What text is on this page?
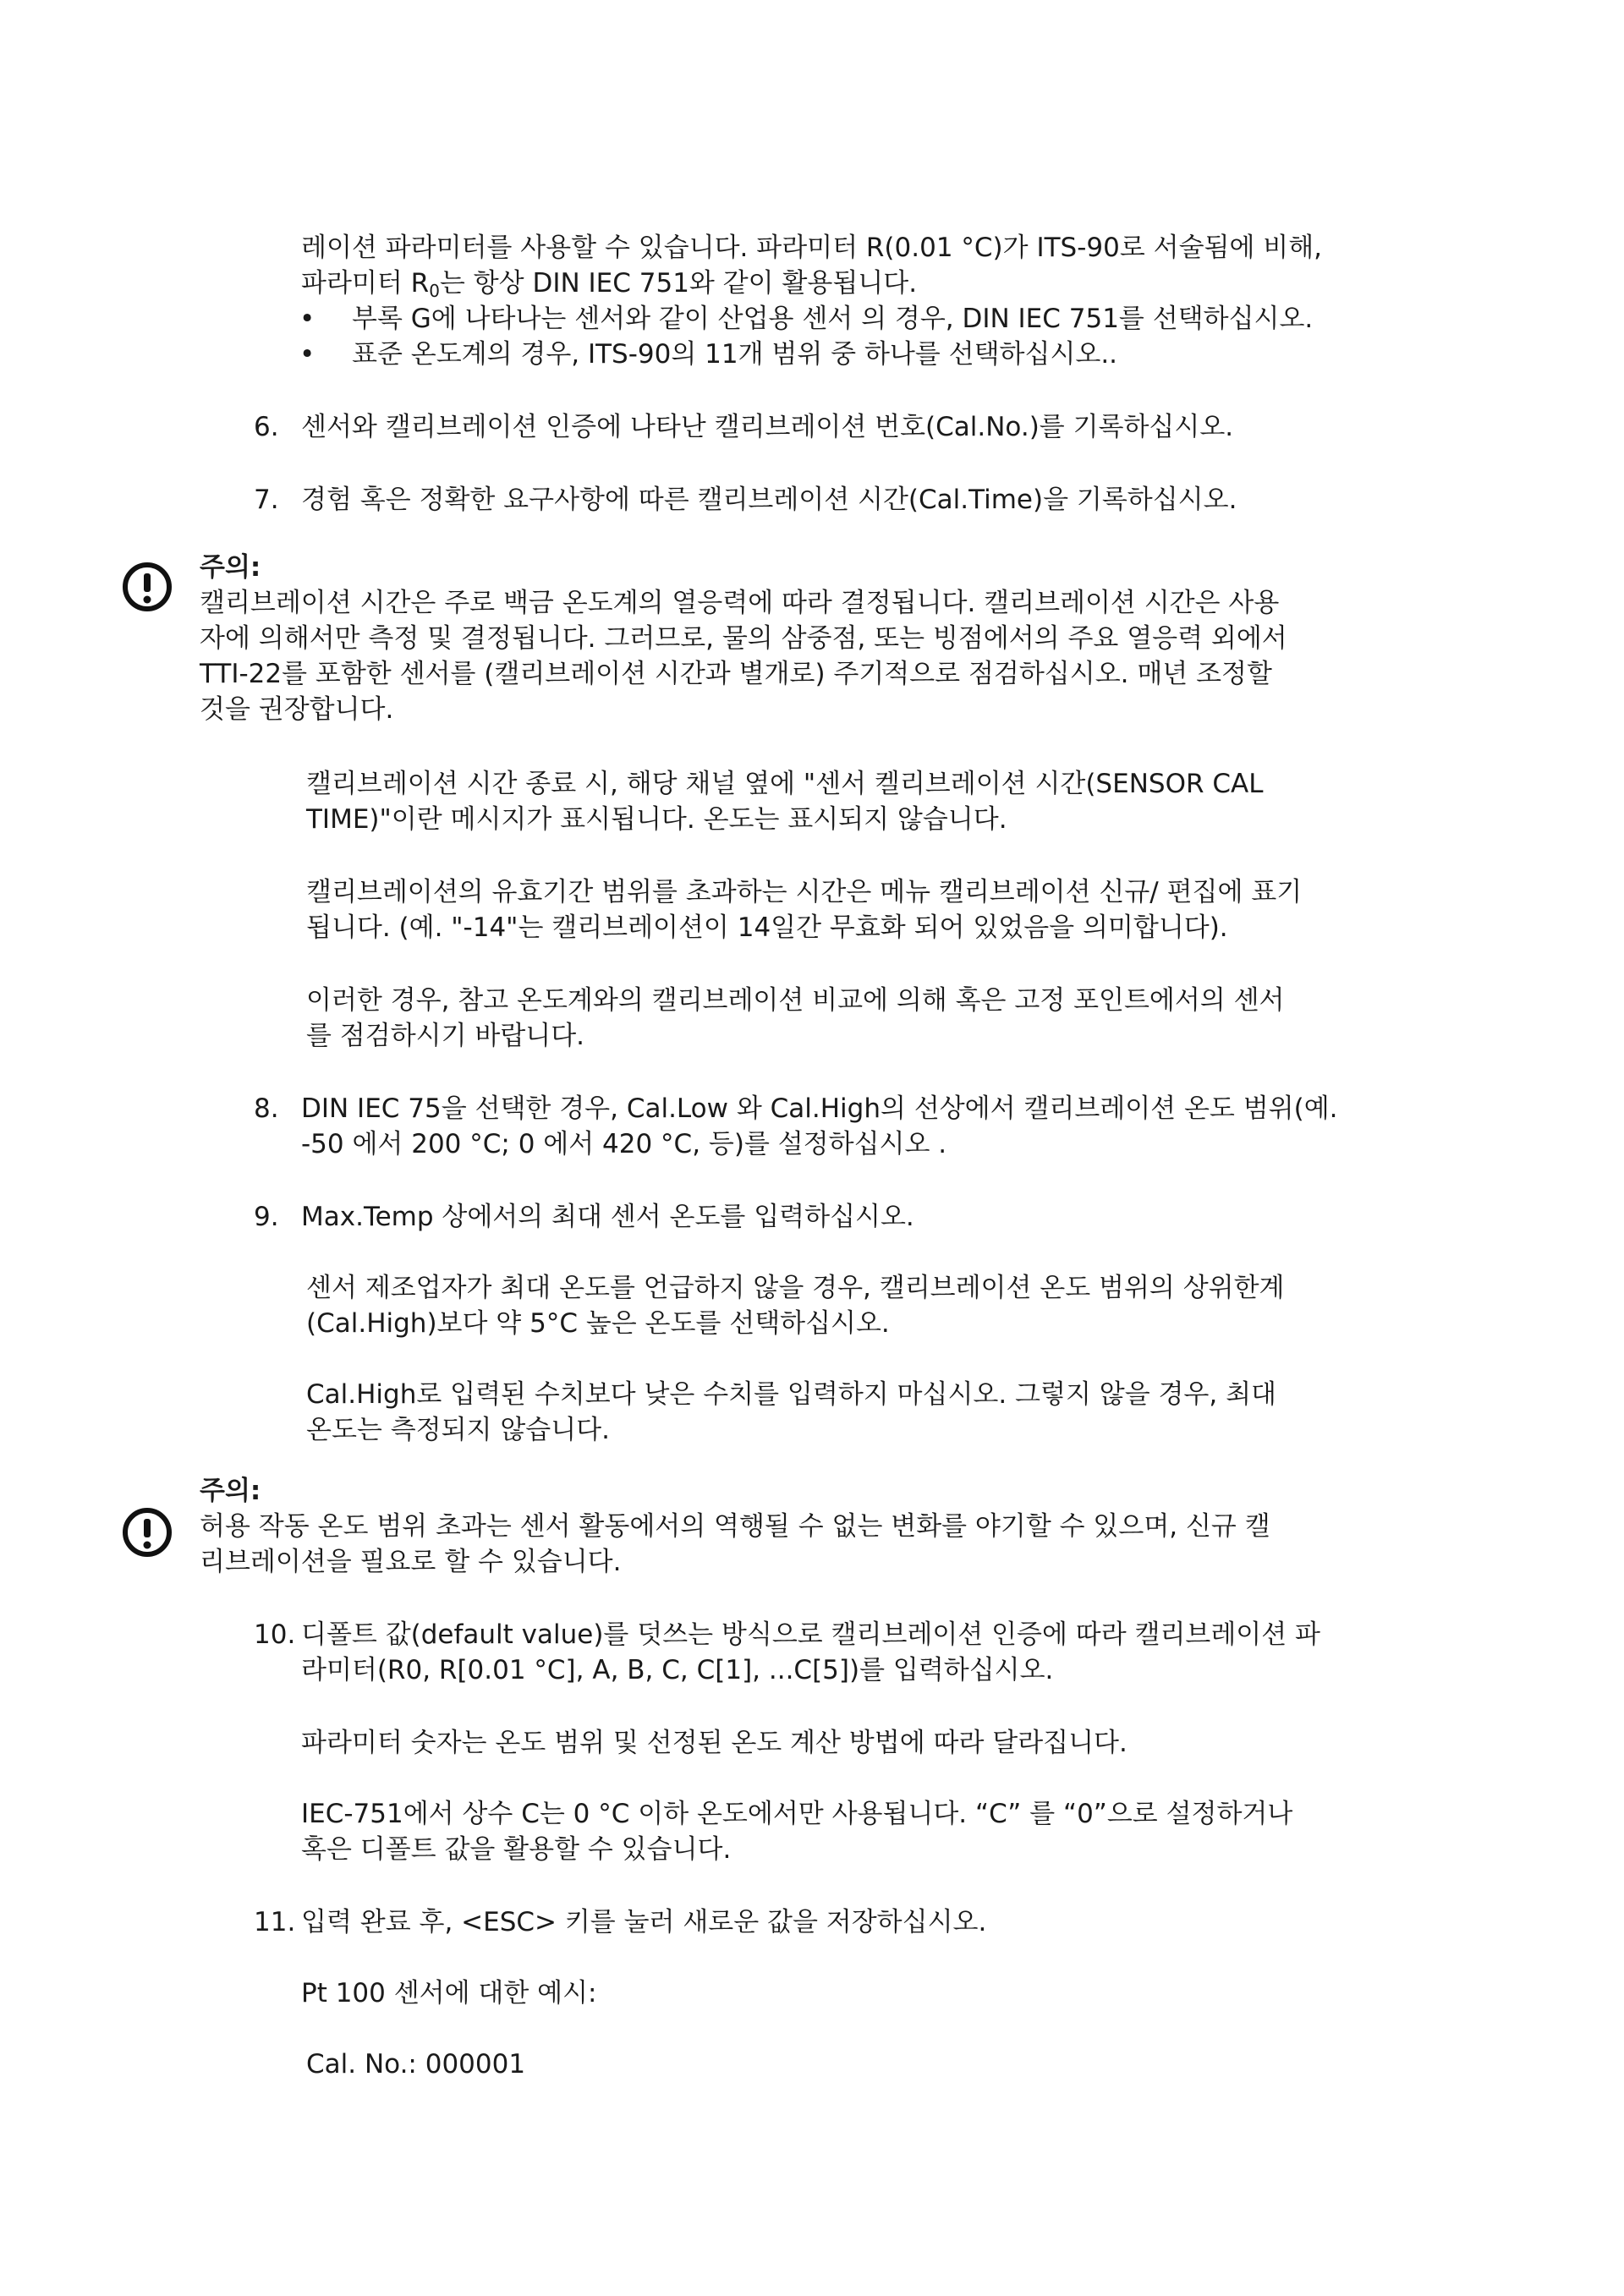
레이션 파라미터를 사용할 수 있습니다. 파라미터 R(0.01 °C)가 ITS-90로 서술됨에 비해,
파라미터 $R_0$는 항상 DIN IEC 751와 같이 활용됩니다.
• 부록 G에 나타나는 센서와 같이 산업용 센서 의 경우, DIN IEC 751를 선택하십시오.
• 표준 온도계의 경우, ITS-90의 11개 범위 중 하나를 선택하십시오..
6. 센서와 캘리브레이션 인증에 나타난 캘리브레이션 번호(Cal.No.)를 기록하십시오.
7. 경험 혹은 정확한 요구사항에 따른 캘리브레이션 시간(Cal.Time)을 기록하십시오.
주의:
캘리브레이션 시간은 주로 백금 온도계의 열응력에 따라 결정됩니다. 캘리브레이션 시간은 사용
자에 의해서만 측정 및 결정됩니다. 그러므로, 물의 삼중점, 또는 빙점에서의 주요 열응력 외에서
TTI-22를 포함한 센서를 (캘리브레이션 시간과 별개로) 주기적으로 점검하십시오. 매년 조정할
것을 권장합니다.
캘리브레이션 시간 종료 시, 해당 채널 옆에 "센서 켈리브레이션 시간(SENSOR CAL
TIME)"이란 메시지가 표시됩니다. 온도는 표시되지 않습니다.
캘리브레이션의 유효기간 범위를 초과하는 시간은 메뉴 캘리브레이션 신규/ 편집에 표기
됩니다. (예. "-14"는 캘리브레이션이 14일간 무효화 되어 있었음을 의미합니다).
이러한 경우, 참고 온도계와의 캘리브레이션 비교에 의해 혹은 고정 포인트에서의 센서
를 점검하시기 바랍니다.
8. DIN IEC 75을 선택한 경우, Cal.Low 와 Cal.High의 선상에서 캘리브레이션 온도 범위(예.
-50 에서 200 °C; 0 에서 420 °C, 등)를 설정하십시오 .
9. Max.Temp 상에서의 최대 센서 온도를 입력하십시오.
센서 제조업자가 최대 온도를 언급하지 않을 경우, 캘리브레이션 온도 범위의 상위한계
(Cal.High)보다 약 5°C 높은 온도를 선택하십시오.
Cal.High로 입력된 수치보다 낮은 수치를 입력하지 마십시오. 그렇지 않을 경우, 최대
온도는 측정되지 않습니다.
주의:
허용 작동 온도 범위 초과는 센서 활동에서의 역행될 수 없는 변화를 야기할 수 있으며, 신규 캘
리브레이션을 필요로 할 수 있습니다.
10. 디폴트 값(default value)를 덧쓰는 방식으로 캘리브레이션 인증에 따라 캘리브레이션 파
라미터(R0, R[0.01 °C], A, B, C, C[1], ...C[5])를 입력하십시오.
파라미터 숫자는 온도 범위 및 선정된 온도 계산 방법에 따라 달라집니다.
IEC-751에서 상수 C는 0 °C 이하 온도에서만 사용됩니다. “C” 를 “0”으로 설정하거나
혹은 디폴트 값을 활용할 수 있습니다.
11. 입력 완료 후, <ESC> 키를 눌러 새로운 값을 저장하십시오.
Pt 100 센서에 대한 예시:
Cal. No.: 000001
